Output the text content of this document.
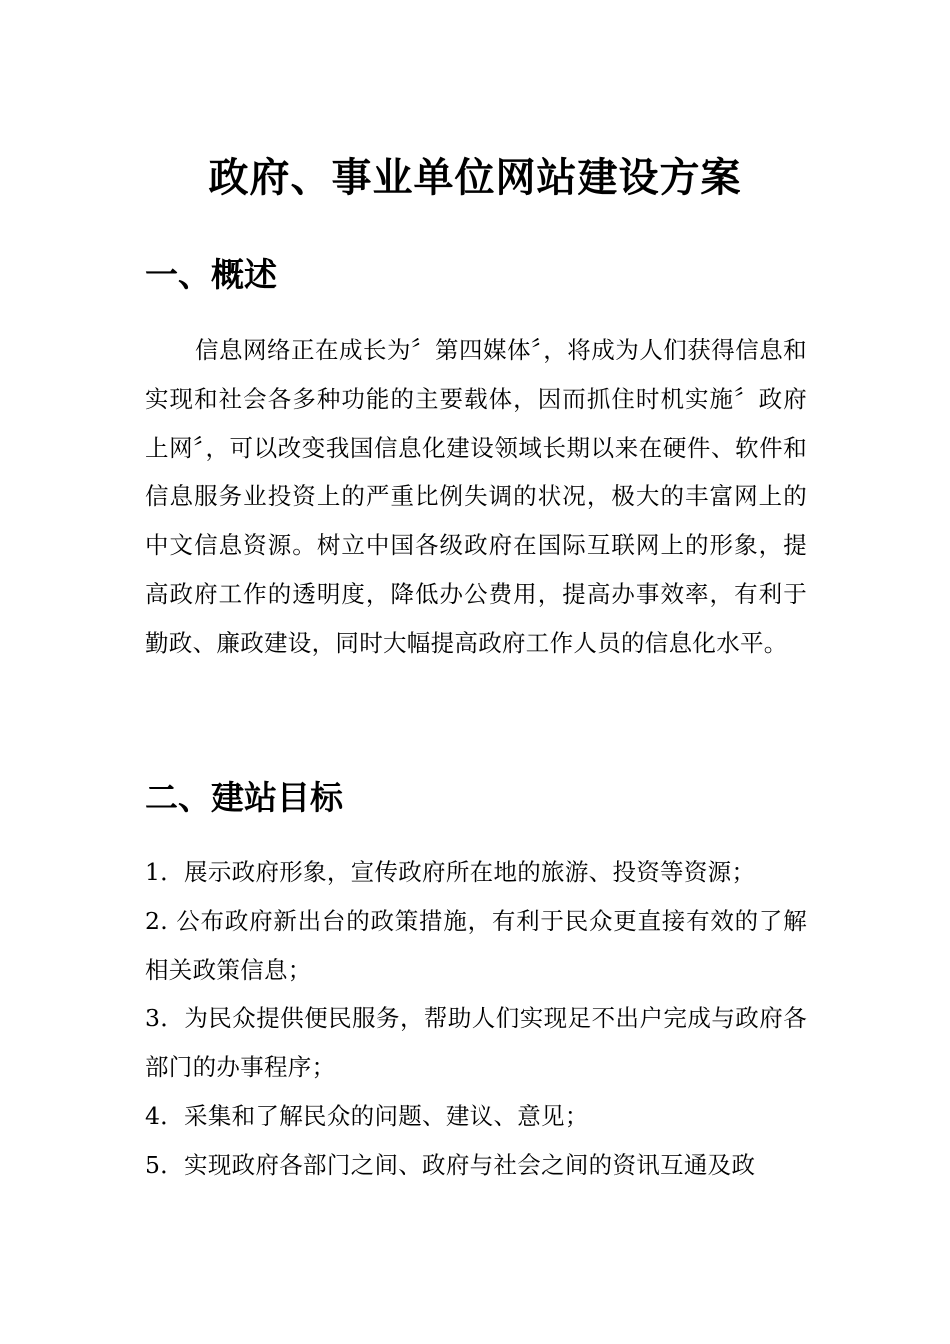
政府、事业单位网站建设方案
一、概述
信息网络正在成长为〞第四媒体〞，将成为人们获得信息和实现和社会各多种功能的主要载体，因而抓住时机实施〞政府上网〞，可以改变我国信息化建设领域长期以来在硬件、软件和信息服务业投资上的严重比例失调的状况，极大的丰富网上的中文信息资源。树立中国各级政府在国际互联网上的形象，提高政府工作的透明度，降低办公费用，提高办事效率，有利于勤政、廉政建设，同时大幅提高政府工作人员的信息化水平。
二、建站目标
1．展示政府形象，宣传政府所在地的旅游、投资等资源；
2. 公布政府新出台的政策措施，有利于民众更直接有效的了解相关政策信息；
3．为民众提供便民服务，帮助人们实现足不出户完成与政府各部门的办事程序；
4．采集和了解民众的问题、建议、意见；
5．实现政府各部门之间、政府与社会之间的资讯互通及政
